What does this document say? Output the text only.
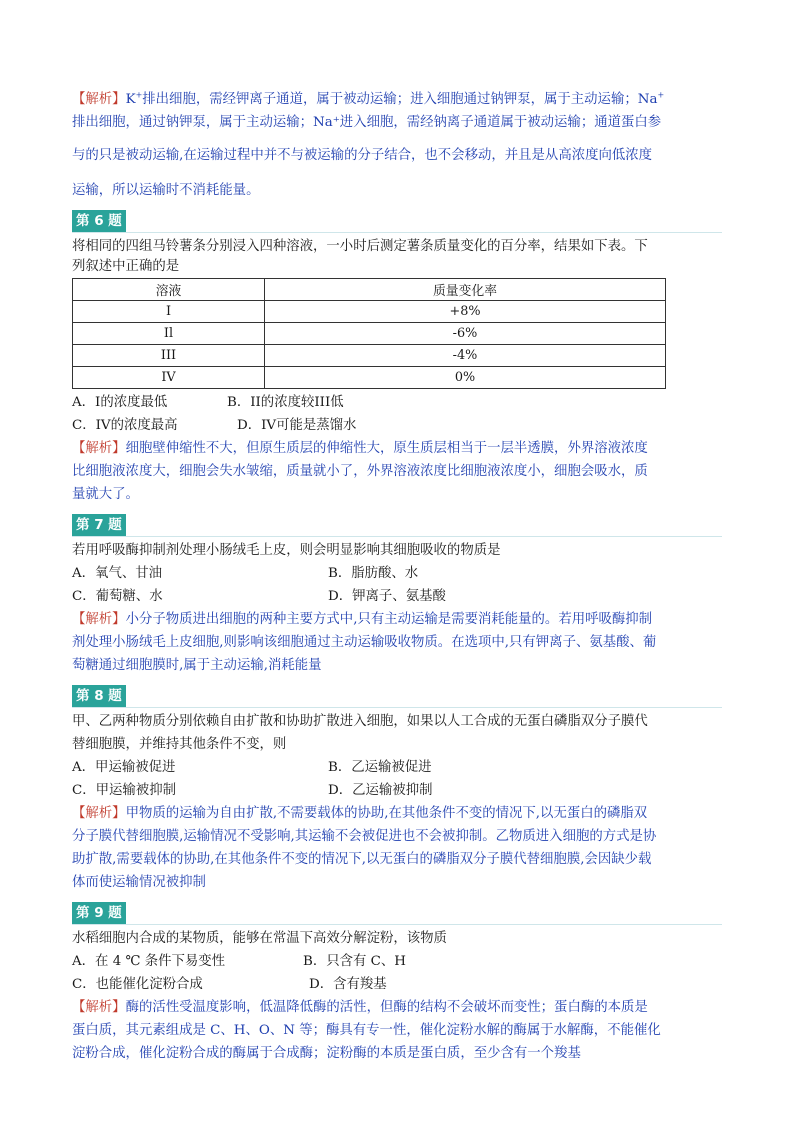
【解析】K+排出细胞，需经钾离子通道，属于被动运输；进入细胞通过钠钾泵，属于主动运输；Na+
排出细胞，通过钠钾泵，属于主动运输；Na⁺进入细胞，需经钠离子通道属于被动运输；通道蛋白参
与的只是被动运输,在运输过程中并不与被运输的分子结合，也不会移动，并且是从高浓度向低浓度
运输，所以运输时不消耗能量。
第 6 题
将相同的四组马铃薯条分别浸入四种溶液，一小时后测定薯条质量变化的百分率，结果如下表。下
列叙述中正确的是
溶液	质量变化率
I	+8%
Il	-6%
III	-4%
IV	0%
A．I的浓度最低	B．II的浓度较III低
C．IV的浓度最高	D．IV可能是蒸馏水
【解析】细胞壁伸缩性不大，但原生质层的伸缩性大，原生质层相当于一层半透膜，外界溶液浓度
比细胞液浓度大，细胞会失水皱缩，质量就小了，外界溶液浓度比细胞液浓度小，细胞会吸水，质
量就大了。
第 7 题
若用呼吸酶抑制剂处理小肠绒毛上皮，则会明显影响其细胞吸收的物质是
A．氧气、甘油	B．脂肪酸、水
C．葡萄糖、水	D．钾离子、氨基酸
【解析】小分子物质进出细胞的两种主要方式中,只有主动运输是需要消耗能量的。若用呼吸酶抑制
剂处理小肠绒毛上皮细胞,则影响该细胞通过主动运输吸收物质。在选项中,只有钾离子、氨基酸、葡
萄糖通过细胞膜时,属于主动运输,消耗能量
第 8 题
甲、乙两种物质分别依赖自由扩散和协助扩散进入细胞，如果以人工合成的无蛋白磷脂双分子膜代
替细胞膜，并维持其他条件不变，则
A．甲运输被促进	B．乙运输被促进
C．甲运输被抑制	D．乙运输被抑制
【解析】甲物质的运输为自由扩散,不需要载体的协助,在其他条件不变的情况下,以无蛋白的磷脂双
分子膜代替细胞膜,运输情况不受影响,其运输不会被促进也不会被抑制。乙物质进入细胞的方式是协
助扩散,需要载体的协助,在其他条件不变的情况下,以无蛋白的磷脂双分子膜代替细胞膜,会因缺少载
体而使运输情况被抑制
第 9 题
水稻细胞内合成的某物质，能够在常温下高效分解淀粉，该物质
A．在 4 ℃ 条件下易变性	B．只含有 C、H
C．也能催化淀粉合成	D．含有羧基
【解析】酶的活性受温度影响，低温降低酶的活性，但酶的结构不会破坏而变性；蛋白酶的本质是
蛋白质，其元素组成是 C、H、O、N 等；酶具有专一性，催化淀粉水解的酶属于水解酶，不能催化
淀粉合成，催化淀粉合成的酶属于合成酶；淀粉酶的本质是蛋白质，至少含有一个羧基
